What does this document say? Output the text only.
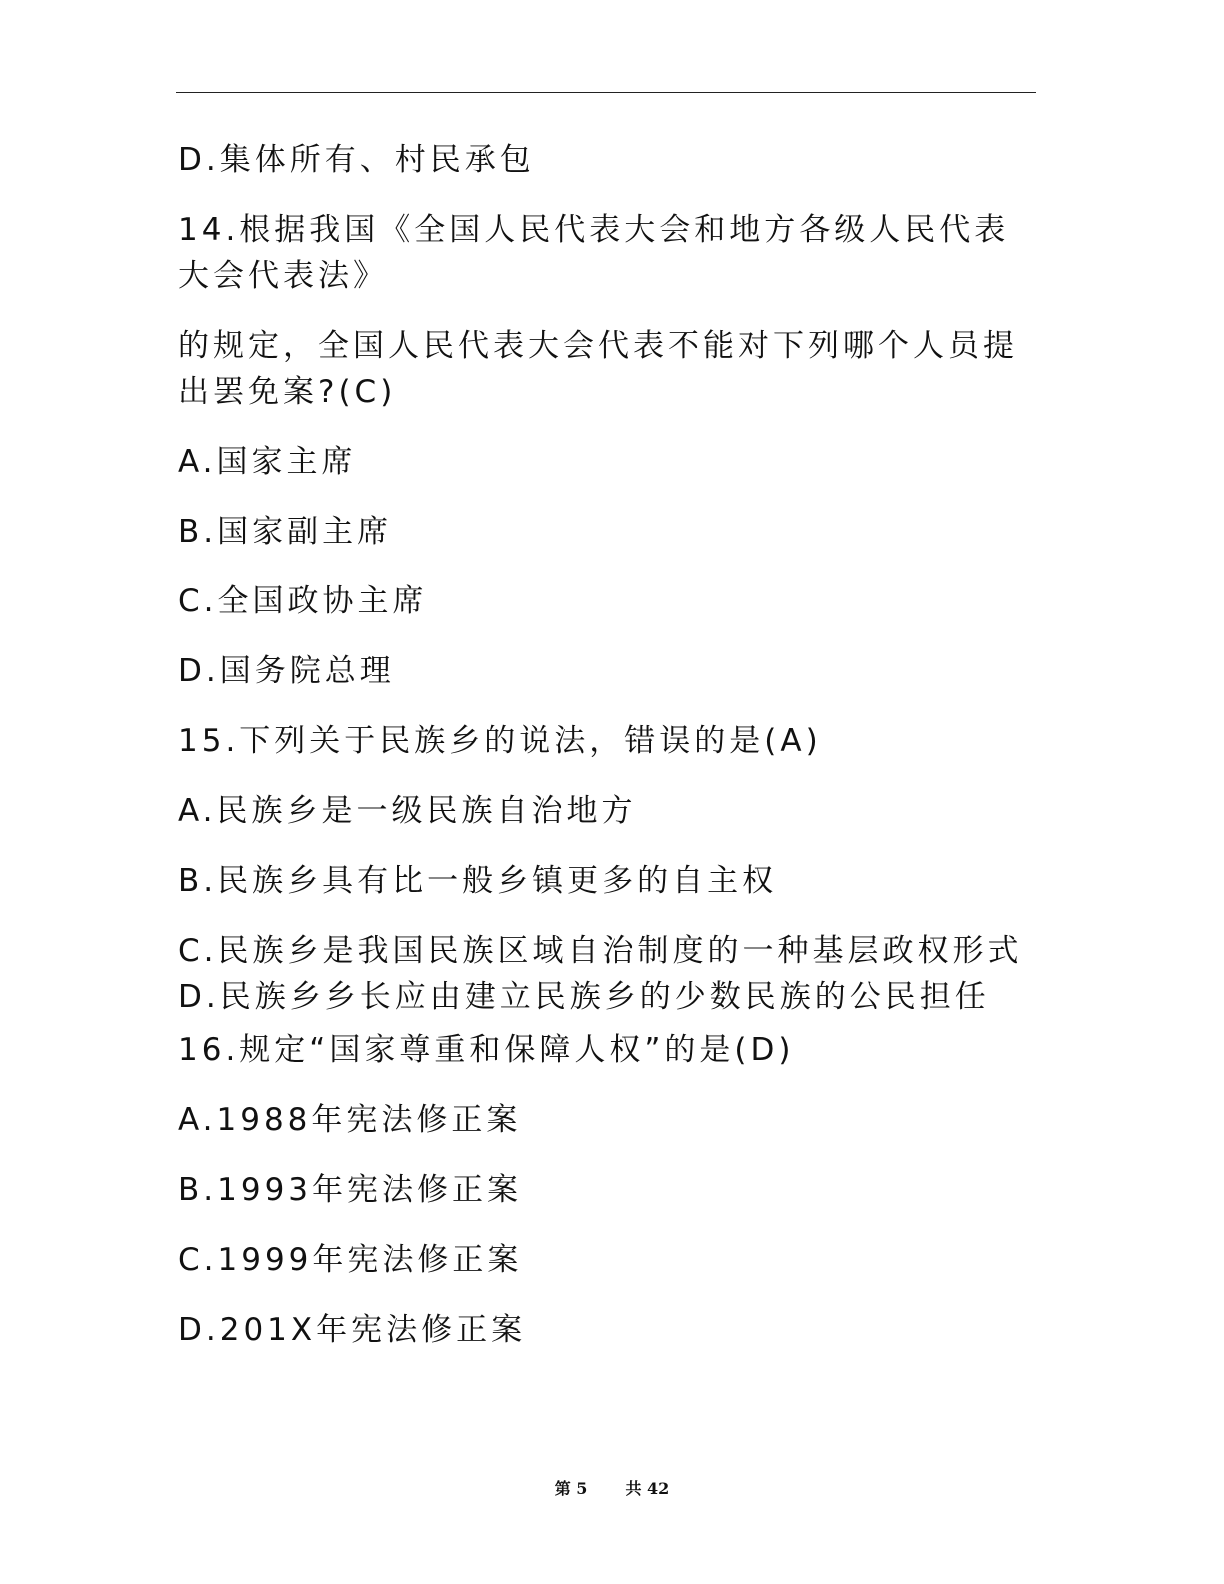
D.集体所有、村民承包
14.根据我国《全国人民代表大会和地方各级人民代表
大会代表法》
的规定，全国人民代表大会代表不能对下列哪个人员提
出罢免案?(C)
A.国家主席
B.国家副主席
C.全国政协主席
D.国务院总理
15.下列关于民族乡的说法，错误的是(A)
A.民族乡是一级民族自治地方
B.民族乡具有比一般乡镇更多的自主权
C.民族乡是我国民族区域自治制度的一种基层政权形式
D.民族乡乡长应由建立民族乡的少数民族的公民担任
16.规定“国家尊重和保障人权”的是(D)
A.1988年宪法修正案
B.1993年宪法修正案
C.1999年宪法修正案
D.201X年宪法修正案
第 5 共 42
